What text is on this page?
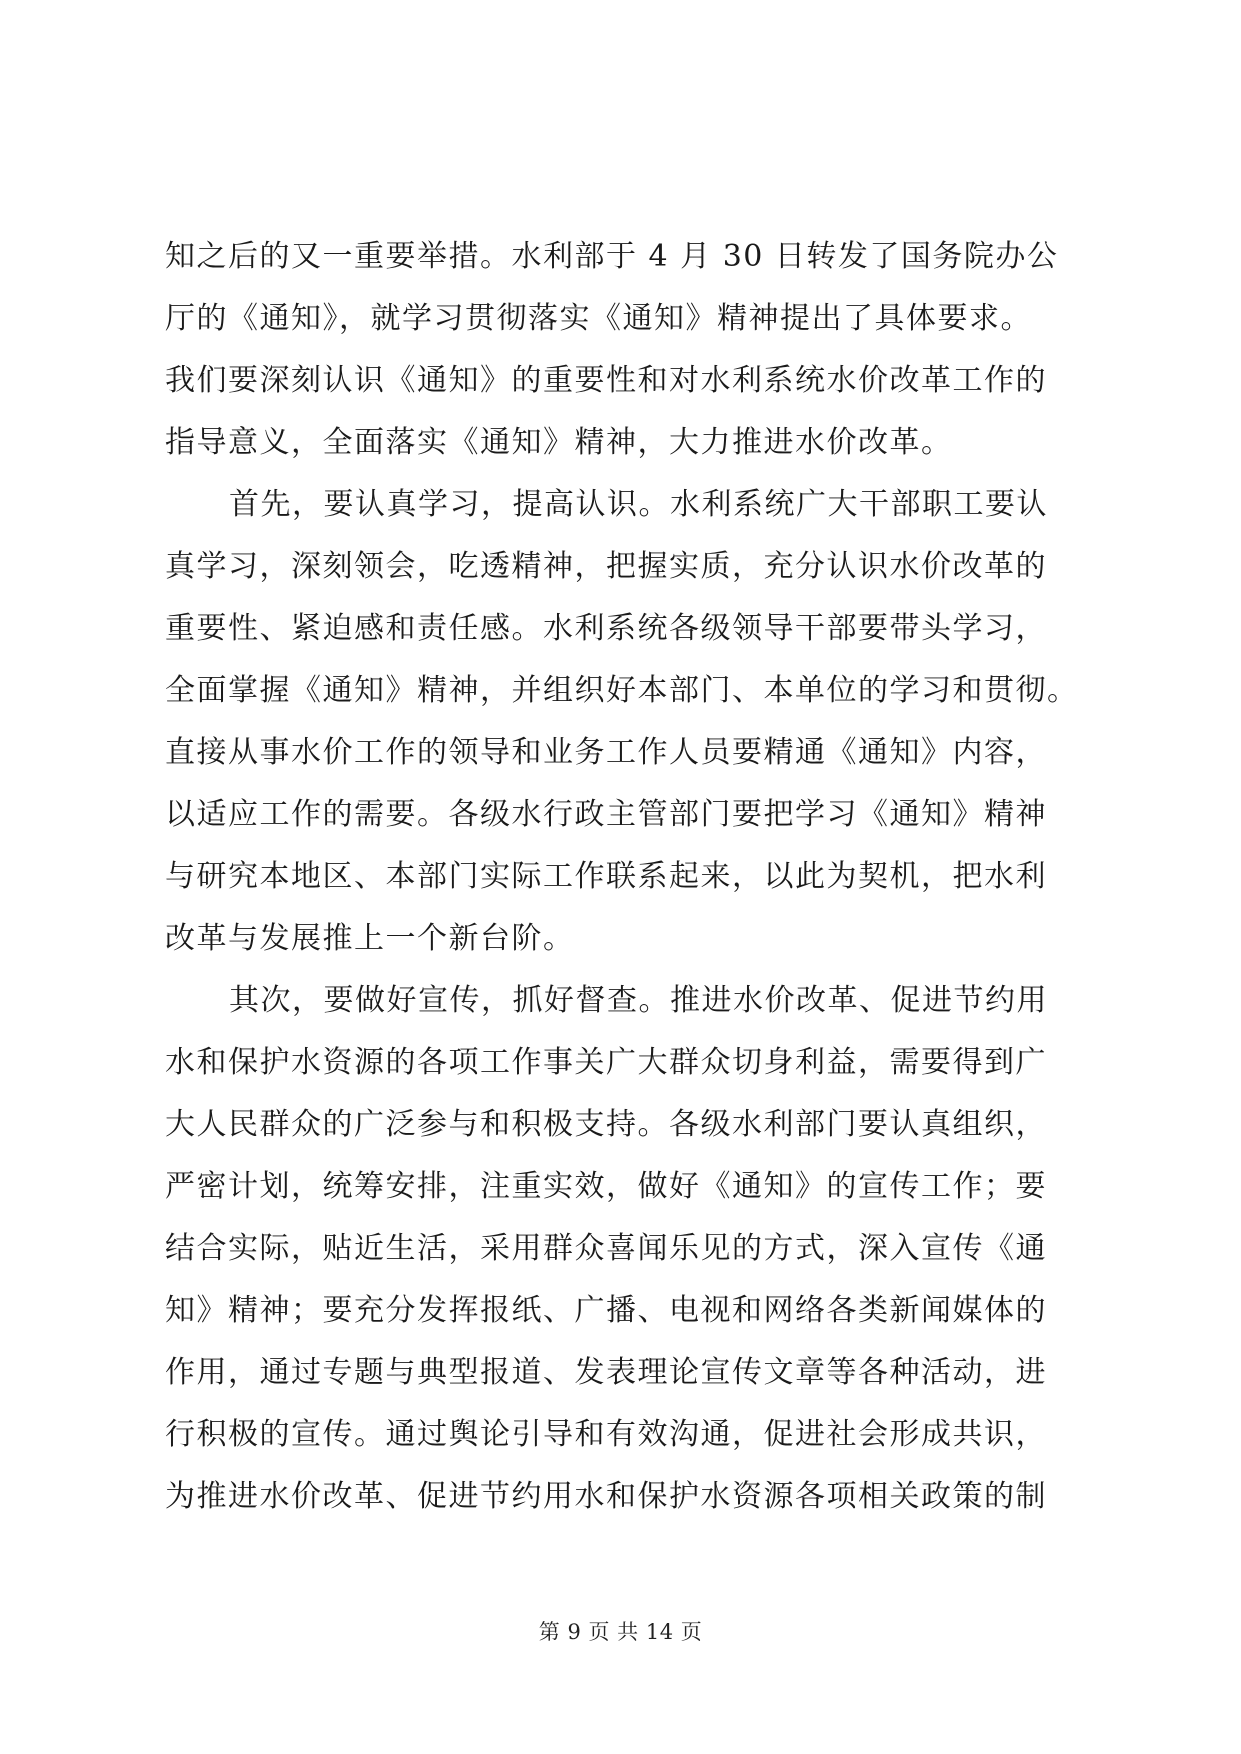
知之后的又一重要举措。水利部于 4 月 30 日转发了国务院办公
厅的《通知》，就学习贯彻落实《通知》精神提出了具体要求。
我们要深刻认识《通知》的重要性和对水利系统水价改革工作的
指导意义，全面落实《通知》精神，大力推进水价改革。
首先，要认真学习，提高认识。水利系统广大干部职工要认
真学习，深刻领会，吃透精神，把握实质，充分认识水价改革的
重要性、紧迫感和责任感。水利系统各级领导干部要带头学习，
全面掌握《通知》精神，并组织好本部门、本单位的学习和贯彻。
直接从事水价工作的领导和业务工作人员要精通《通知》内容，
以适应工作的需要。各级水行政主管部门要把学习《通知》精神
与研究本地区、本部门实际工作联系起来，以此为契机，把水利
改革与发展推上一个新台阶。
其次，要做好宣传，抓好督查。推进水价改革、促进节约用
水和保护水资源的各项工作事关广大群众切身利益，需要得到广
大人民群众的广泛参与和积极支持。各级水利部门要认真组织，
严密计划，统筹安排，注重实效，做好《通知》的宣传工作；要
结合实际，贴近生活，采用群众喜闻乐见的方式，深入宣传《通
知》精神；要充分发挥报纸、广播、电视和网络各类新闻媒体的
作用，通过专题与典型报道、发表理论宣传文章等各种活动，进
行积极的宣传。通过舆论引导和有效沟通，促进社会形成共识，
为推进水价改革、促进节约用水和保护水资源各项相关政策的制
第 9 页 共 14 页
